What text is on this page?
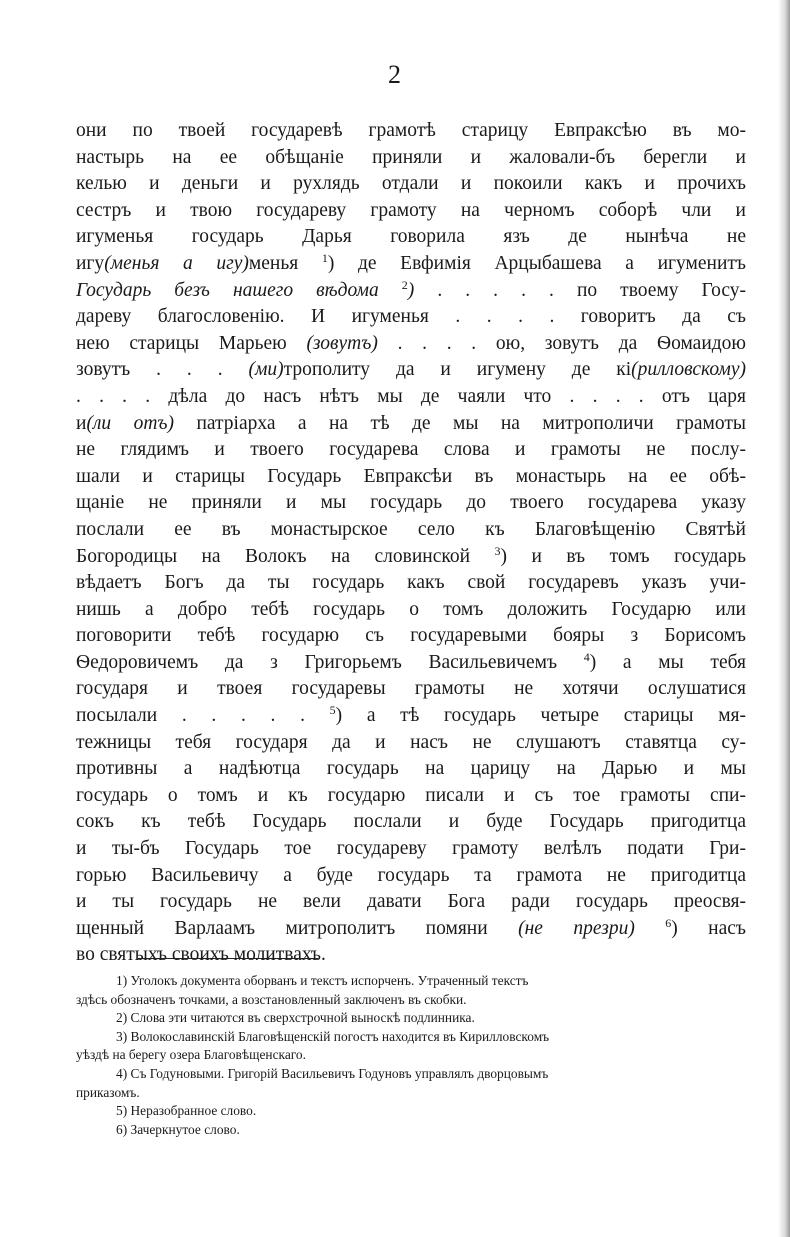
2
они по твоей государевѣ грамотѣ старицу Евпраксѣю въ мо-
настырь на ее обѣщаніе приняли и жаловали-бъ берегли и
келью и деньги и рухлядь отдали и покоили какъ и прочихъ
сестръ и твою государеву грамоту на черномъ соборѣ чли и
игуменья государь Дарья говорила язъ де нынѣча не
игу(менья а игу)менья $^1$) де Евфимія Арцыбашева а игуменитъ
Государь безъ нашего вѣдома $^2$) . . . . . по твоему Госу-
дареву благословенію. И игуменья . . . . говоритъ да съ
нею старицы Марьею (зовутъ) . . . . ою, зовутъ да Ѳомаидою
зовутъ . . . (ми)трополиту да и игумену де кі(рилловскому)
. . . . дѣла до насъ нѣтъ мы де чаяли что . . . . отъ царя
и(ли отъ) патріарха а на тѣ де мы на митрополичи грамоты
не глядимъ и твоего государева слова и грамоты не послу-
шали и старицы Государь Евпраксѣи въ монастырь на ее обѣ-
щаніе не приняли и мы государь до твоего государева указу
послали ее въ монастырское село къ Благовѣщенію Святѣй
Богородицы на Волокъ на словинской $^3$) и въ томъ государь
вѣдаетъ Богъ да ты государь какъ свой государевъ указъ учи-
нишь а добро тебѣ государь о томъ доложить Государю или
поговорити тебѣ государю съ государевыми бояры з Борисомъ
Ѳедоровичемъ да з Григорьемъ Васильевичемъ $^4$) а мы тебя
государя и твоея государевы грамоты не хотячи ослушатися
посылали . . . . . $^5$) а тѣ государь четыре старицы мя-
тежницы тебя государя да и насъ не слушаютъ ставятца су-
противны а надѣютца государь на царицу на Дарью и мы
государь о томъ и къ государю писали и съ тое грамоты спи-
сокъ къ тебѣ Государь послали и буде Государь пригодитца
и ты-бъ Государь тое государеву грамоту велѣлъ подати Гри-
горью Васильевичу а буде государь та грамота не пригодитца
и ты государь не вели давати Бога ради государь преосвя-
щенный Варлаамъ митрополитъ помяни (не презри)	$^6$) насъ
во святыхъ своихъ молитвахъ.
1) Уголокъ документа оборванъ и текстъ испорченъ. Утраченный текстъ
здѣсь обозначенъ точками, а возстановленный заключенъ въ скобки.
2) Слова эти читаются въ сверхстрочной выноскѣ подлинника.
3) Волокославинскій Благовѣщенскій погостъ находится въ Кирилловскомъ
уѣздѣ на берегу озера Благовѣщенскаго.
4) Съ Годуновыми. Григорій Васильевичъ Годуновъ управлялъ дворцовымъ
приказомъ.
5) Неразобранное слово.
6) Зачеркнутое слово.
